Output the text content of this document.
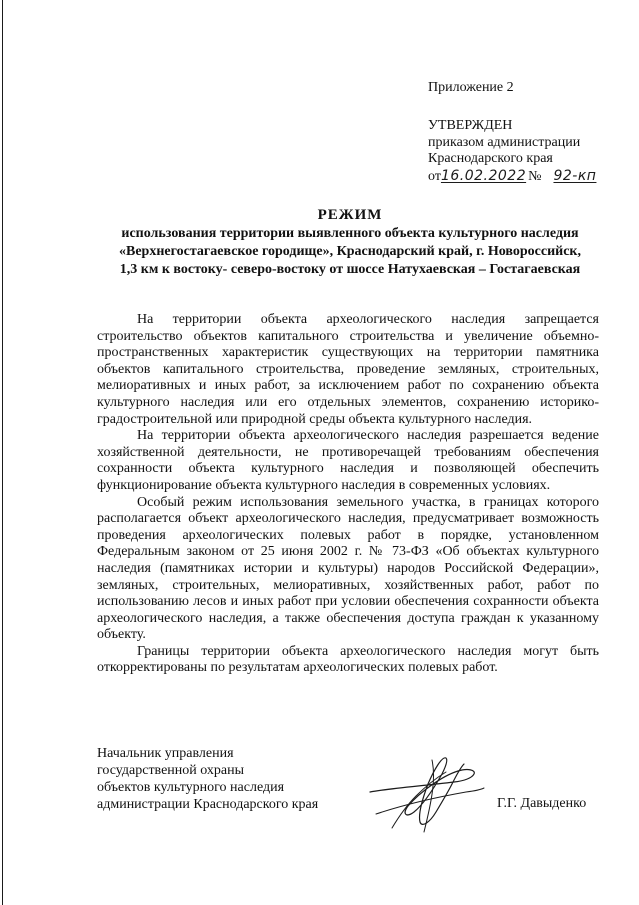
Приложение 2
УТВЕРЖДЕН
приказом администрации
Краснодарского края
от16.02.2022 № 92-кп
РЕЖИМ
использования территории выявленного объекта культурного наследия
«Верхнегостагаевское городище», Краснодарский край, г. Новороссийск,
1,3 км к востоку- северо-востоку от шоссе Натухаевская – Гостагаевская

На территории объекта археологического наследия запрещается строительство объектов капитального строительства и увеличение объемно-пространственных характеристик существующих на территории памятника объектов капитального строительства, проведение земляных, строительных, мелиоративных и иных работ, за исключением работ по сохранению объекта культурного наследия или его отдельных элементов, сохранению историко-градостроительной или природной среды объекта культурного наследия.

На территории объекта археологического наследия разрешается ведение хозяйственной деятельности, не противоречащей требованиям обеспечения сохранности объекта культурного наследия и позволяющей обеспечить функционирование объекта культурного наследия в современных условиях.

Особый режим использования земельного участка, в границах которого располагается объект археологического наследия, предусматривает возможность проведения археологических полевых работ в порядке, установленном Федеральным законом от 25 июня 2002 г. № 73-ФЗ «Об объектах культурного наследия (памятниках истории и культуры) народов Российской Федерации», земляных, строительных, мелиоративных, хозяйственных работ, работ по использованию лесов и иных работ при условии обеспечения сохранности объекта археологического наследия, а также обеспечения доступа граждан к указанному объекту.

Границы территории объекта археологического наследия могут быть откорректированы по результатам археологических полевых работ.

Начальник управления
государственной охраны
объектов культурного наследия
администрации Краснодарского края	Г.Г. Давыденко
